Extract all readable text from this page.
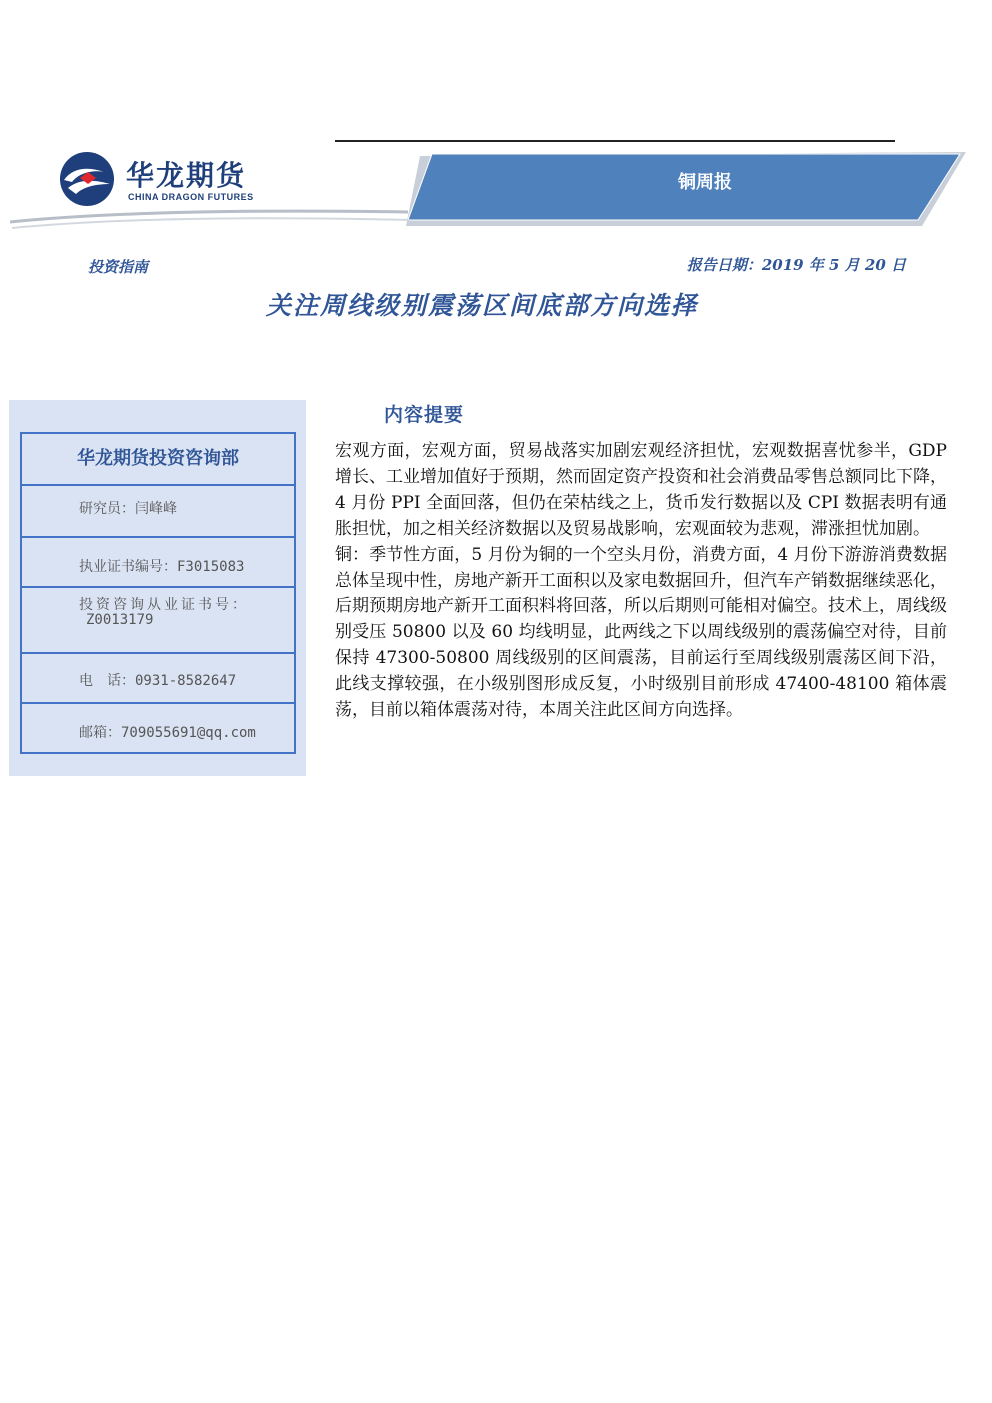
铜周报
华龙期货
CHINA DRAGON FUTURES
投资指南	报告日期：2019 年 5 月 20 日
关注周线级别震荡区间底部方向选择
华龙期货投资咨询部
研究员：闫峰峰
执业证书编号：F3015083
投资咨询从业证书号：
Z0013179
电　话：0931-8582647
邮箱：709055691@qq.com
内容提要

宏观方面，宏观方面，贸易战落实加剧宏观经济担忧，宏观数据喜忧参半，GDP 增长、工业增加值好于预期，然而固定资产投资和社会消费品零售总额同比下降，4 月份 PPI 全面回落，但仍在荣枯线之上，货币发行数据以及 CPI 数据表明有通胀担忧，加之相关经济数据以及贸易战影响，宏观面较为悲观，滞涨担忧加剧。

铜：季节性方面，5 月份为铜的一个空头月份，消费方面，4 月份下游游消费数据总体呈现中性，房地产新开工面积以及家电数据回升，但汽车产销数据继续恶化，后期预期房地产新开工面积料将回落，所以后期则可能相对偏空。技术上，周线级别受压 50800 以及 60 均线明显，此两线之下以周线级别的震荡偏空对待，目前保持 47300-50800 周线级别的区间震荡，目前运行至周线级别震荡区间下沿，此线支撑较强，在小级别图形成反复，小时级别目前形成 47400-48100 箱体震荡，目前以箱体震荡对待，本周关注此区间方向选择。
